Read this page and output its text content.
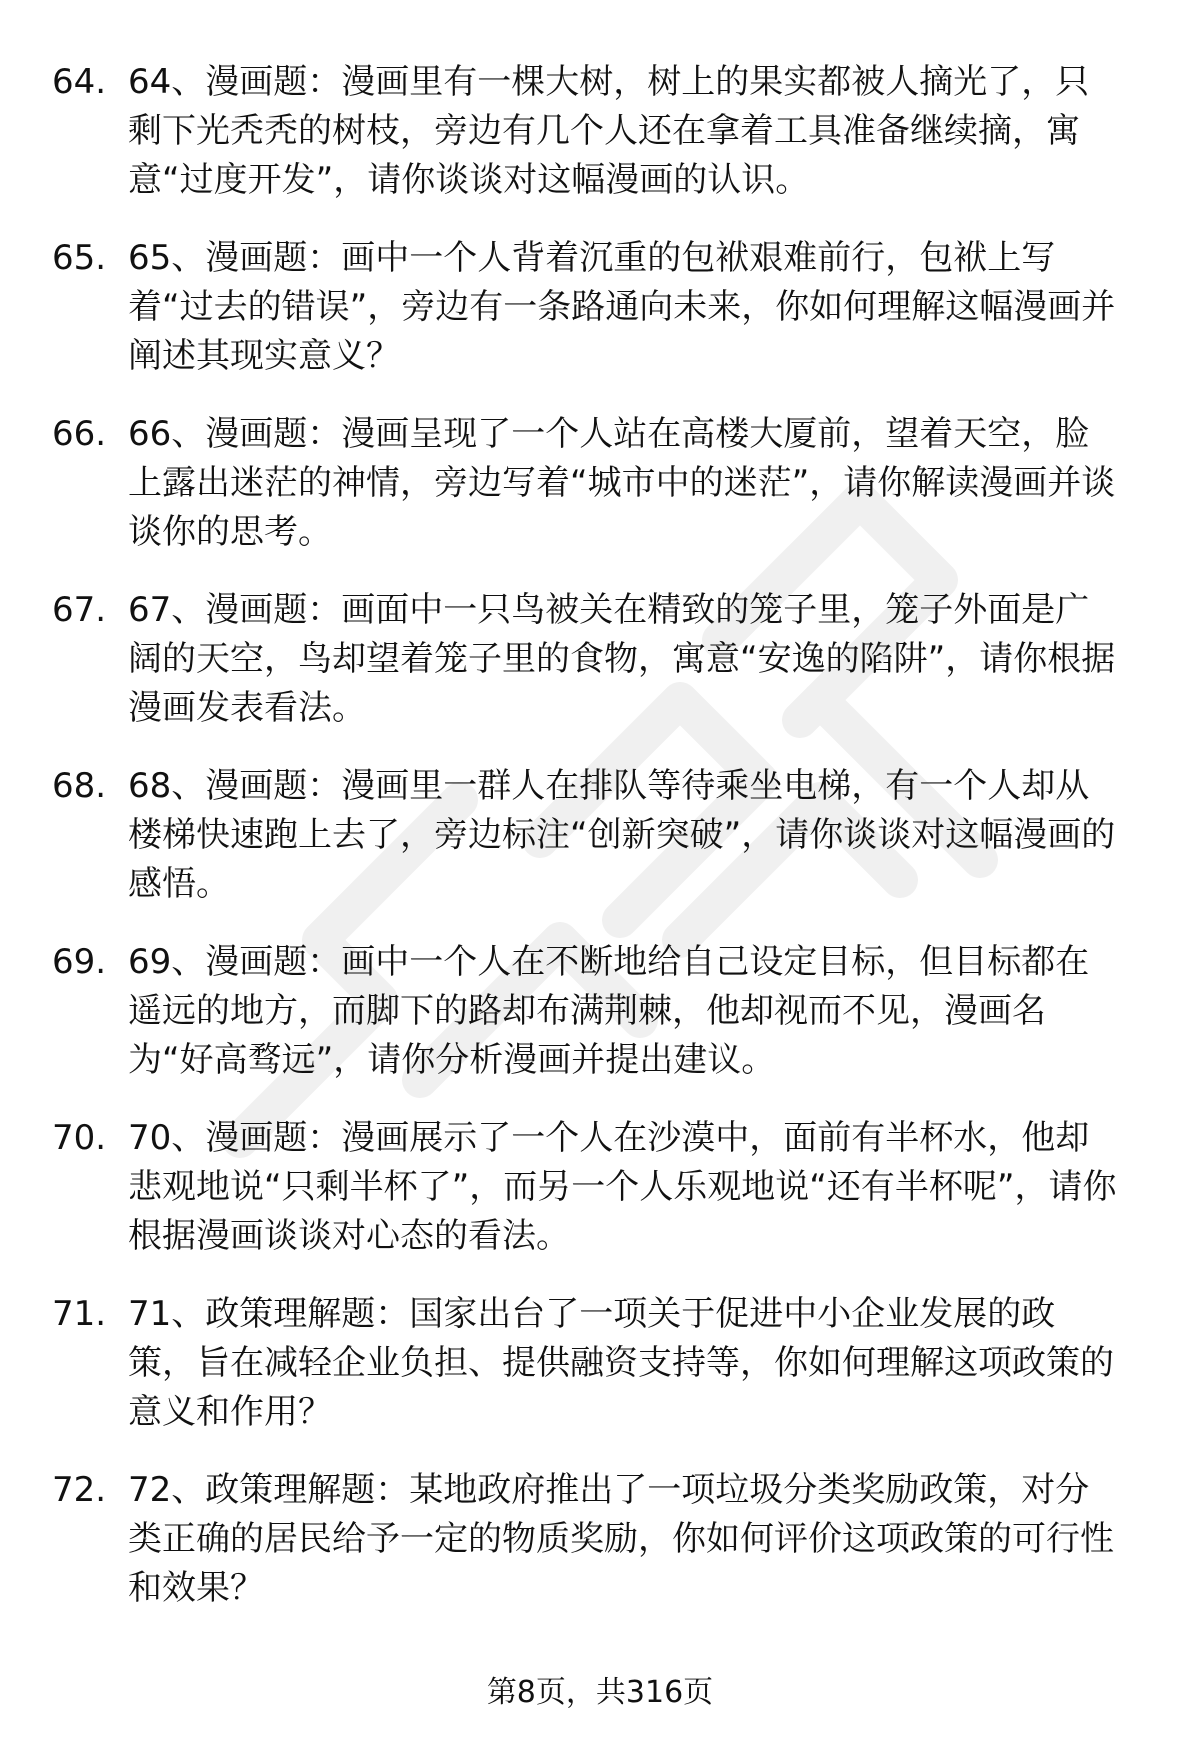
64. 64、漫画题：漫画里有一棵大树，树上的果实都被人摘光了，只剩下光秃秃的树枝，旁边有几个人还在拿着工具准备继续摘，寓意“过度开发”，请你谈谈对这幅漫画的认识。
65. 65、漫画题：画中一个人背着沉重的包袱艰难前行，包袱上写着“过去的错误”，旁边有一条路通向未来，你如何理解这幅漫画并阐述其现实意义？
66. 66、漫画题：漫画呈现了一个人站在高楼大厦前，望着天空，脸上露出迷茫的神情，旁边写着“城市中的迷茫”，请你解读漫画并谈谈你的思考。
67. 67、漫画题：画面中一只鸟被关在精致的笼子里，笼子外面是广阔的天空，鸟却望着笼子里的食物，寓意“安逸的陷阱”，请你根据漫画发表看法。
68. 68、漫画题：漫画里一群人在排队等待乘坐电梯，有一个人却从楼梯快速跑上去了，旁边标注“创新突破”，请你谈谈对这幅漫画的感悟。
69. 69、漫画题：画中一个人在不断地给自己设定目标，但目标都在遥远的地方，而脚下的路却布满荆棘，他却视而不见，漫画名为“好高骛远”，请你分析漫画并提出建议。
70. 70、漫画题：漫画展示了一个人在沙漠中，面前有半杯水，他却悲观地说“只剩半杯了”，而另一个人乐观地说“还有半杯呢”，请你根据漫画谈谈对心态的看法。
71. 71、政策理解题：国家出台了一项关于促进中小企业发展的政策，旨在减轻企业负担、提供融资支持等，你如何理解这项政策的意义和作用？
72. 72、政策理解题：某地政府推出了一项垃圾分类奖励政策，对分类正确的居民给予一定的物质奖励，你如何评价这项政策的可行性和效果？
第8页，共316页
